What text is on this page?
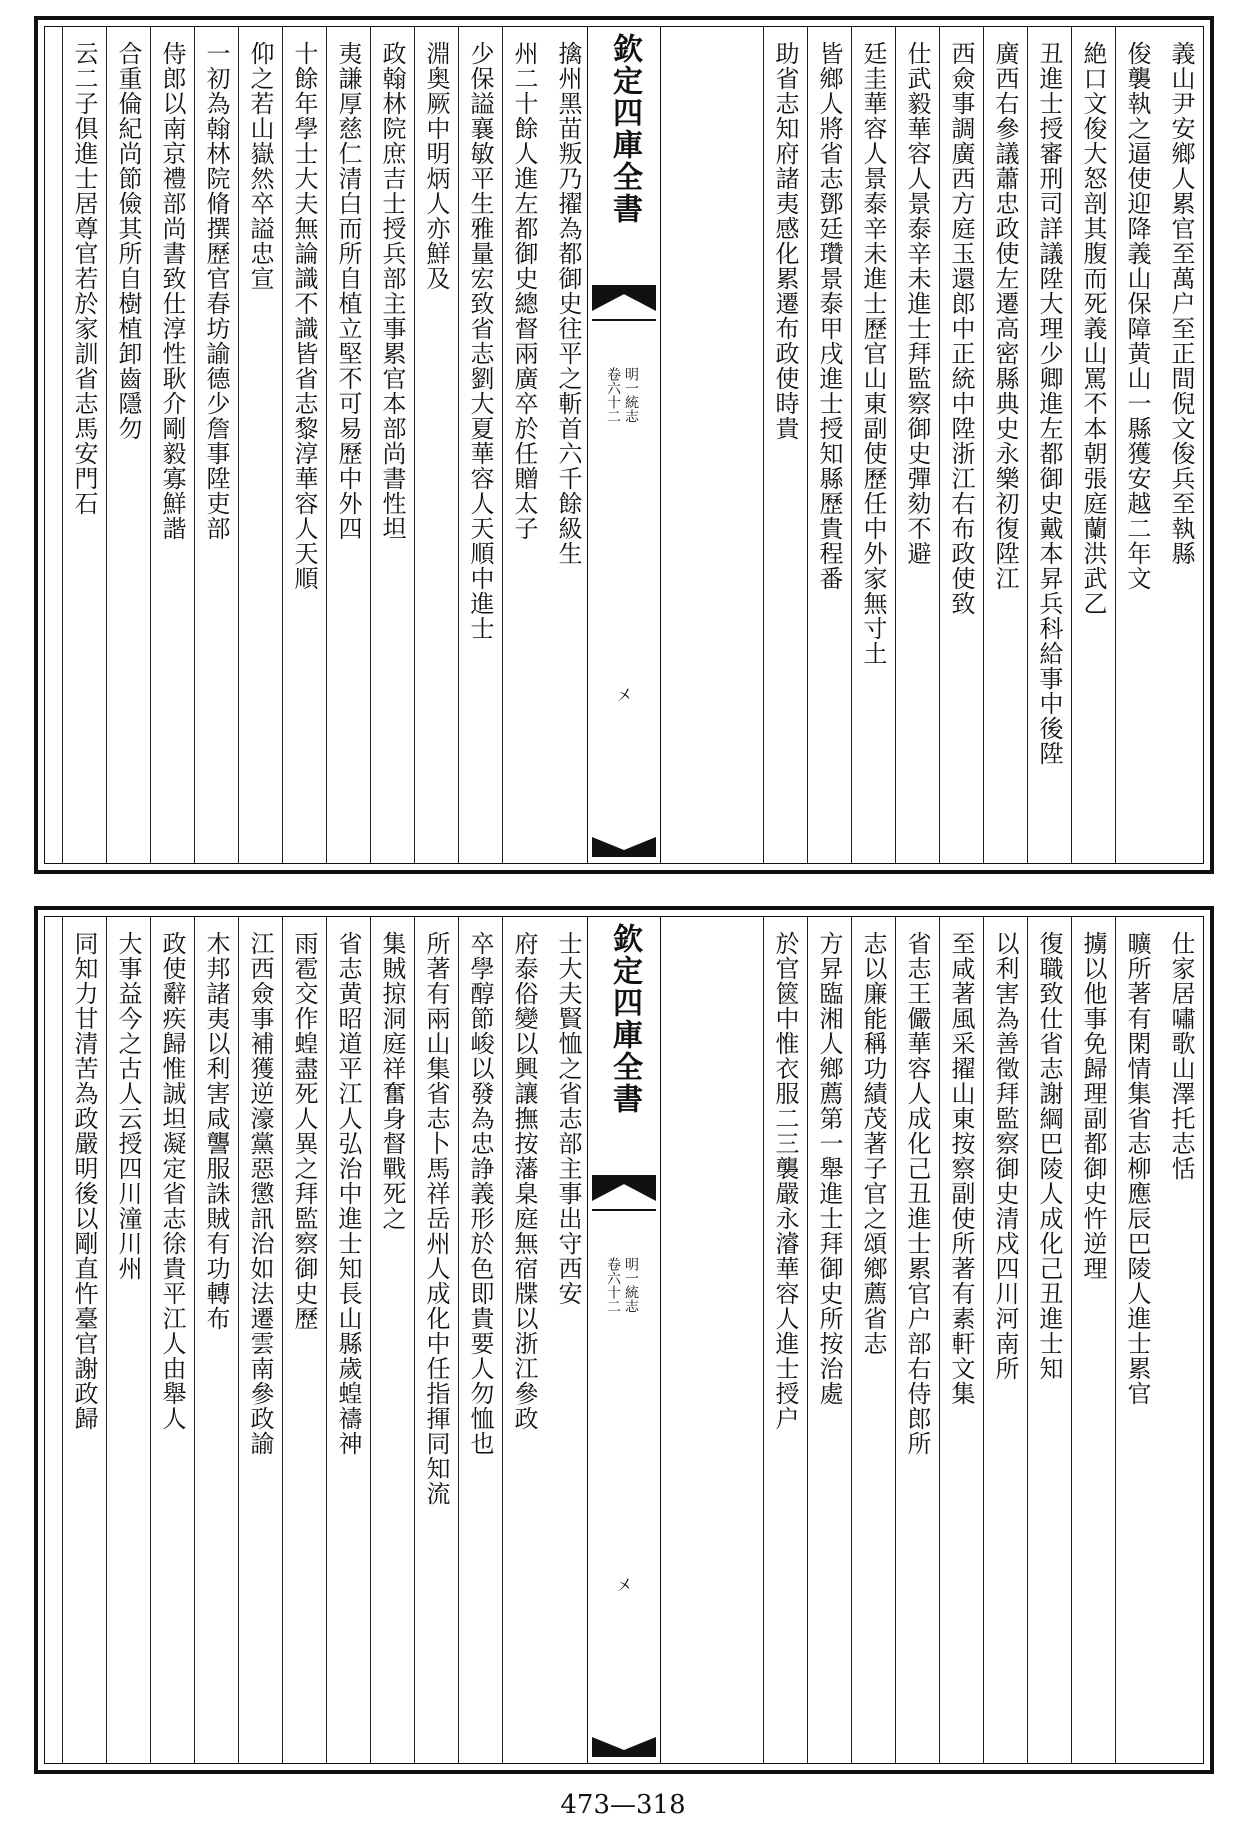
義山尹安鄉人累官至萬户至正間倪文俊兵至執縣
俊襲執之逼使迎降義山保障黄山一縣獲安越二年文
絶口文俊大怒剖其腹而死義山罵不本朝張庭蘭洪武乙
丑進士授審刑司詳議陞大理少卿進左都御史戴本昇兵科給事中後陞
廣西右參議蕭忠政使左遷高密縣典史永樂初復陞江
西僉事調廣西方庭玉還郎中正統中陞浙江右布政使致
仕武毅華容人景泰辛未進士拜監察御史彈劾不避
廷圭華容人景泰辛未進士歷官山東副使歷任中外家無寸土
皆鄉人將省志鄧廷瓚景泰甲戌進士授知縣歷貴程番
助省志知府諸夷感化累遷布政使時貴
欽定四庫全書
明一統志
卷六十二
㐅
擒州黑苗叛乃擢為都御史往平之斬首六千餘級生
州二十餘人進左都御史總督兩廣卒於任贈太子
少保謚襄敏平生雅量宏致省志劉大夏華容人天順中進士
淵奥厥中明炳人亦鮮及
政翰林院庶吉士授兵部主事累官本部尚書性坦
夷謙厚慈仁清白而所自植立堅不可易歷中外四
十餘年學士大夫無論識不識皆省志黎淳華容人天順
仰之若山嶽然卒謚忠宣
一初為翰林院脩撰歷官春坊諭德少詹事陞吏部
侍郎以南京禮部尚書致仕淳性耿介剛毅寡鮮諧
合重倫紀尚節儉其所自樹植卸齒隱勿
云二子俱進士居尊官若於家訓省志馬安門石
仕家居嘯歌山澤托志恬
曠所著有閑情集省志柳應辰巴陵人進士累官
擄以他事免歸理副都御史忤逆理
復職致仕省志謝綱巴陵人成化己丑進士知
以利害為善徵拜監察御史清戍四川河南所
至咸著風采擢山東按察副使所著有素軒文集
省志王儼華容人成化己丑進士累官户部右侍郎所
志以廉能稱功績茂著子官之頌鄉薦省志
方昇臨湘人鄉薦第一舉進士拜御史所按治處
於官篋中惟衣服二三襲嚴永濬華容人進士授户
欽定四庫全書
明一統志
卷六十二
㐅
士大夫賢恤之省志部主事出守西安
府泰俗變以興讓撫按藩臬庭無宿牒以浙江參政
卒學醇節峻以發為忠諍義形於色即貴要人勿恤也
所著有兩山集省志卜馬祥岳州人成化中任指揮同知流
集賊掠洞庭祥奮身督戰死之
省志黄昭道平江人弘治中進士知長山縣歲蝗禱神
雨雹交作蝗盡死人異之拜監察御史歷
江西僉事補獲逆濠黨惡懲訊治如法遷雲南參政諭
木邦諸夷以利害咸讋服誅賊有功轉布
政使辭疾歸惟誠坦凝定省志徐貴平江人由舉人
大事益今之古人云授四川潼川州
同知力甘清苦為政嚴明後以剛直忤臺官謝政歸
473—318
